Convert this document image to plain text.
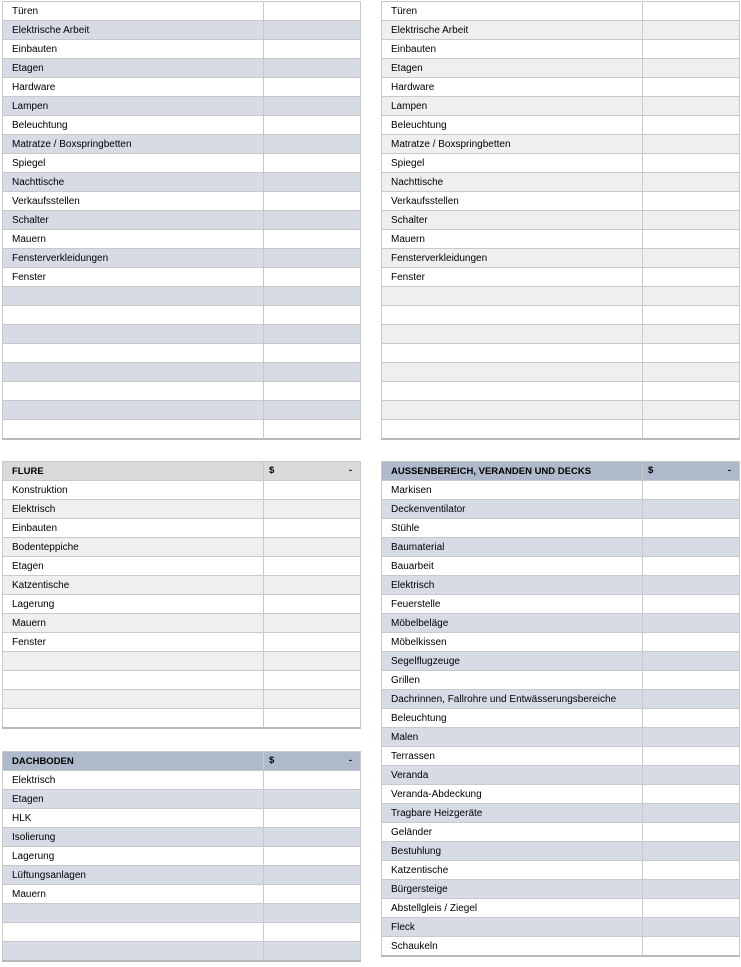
Türen	
Elektrische Arbeit	
Einbauten	
Etagen	
Hardware	
Lampen	
Beleuchtung	
Matratze / Boxspringbetten	
Spiegel	
Nachttische	
Verkaufsstellen	
Schalter	
Mauern	
Fensterverkleidungen	
Fenster	

Türen	
Elektrische Arbeit	
Einbauten	
Etagen	
Hardware	
Lampen	
Beleuchtung	
Matratze / Boxspringbetten	
Spiegel	
Nachttische	
Verkaufsstellen	
Schalter	
Mauern	
Fensterverkleidungen	
Fenster	

FLURE	$ -

Konstruktion	
Elektrisch	
Einbauten	
Bodenteppiche	
Etagen	
Katzentische	
Lagerung	
Mauern	
Fenster	

DACHBODEN	$ -

Elektrisch	
Etagen	
HLK	
Isolierung	
Lagerung	
Lüftungsanlagen	
Mauern	

AUSSENBEREICH, VERANDEN UND DECKS	$ -

Markisen	
Deckenventilator	
Stühle	
Baumaterial	
Bauarbeit	
Elektrisch	
Feuerstelle	
Möbelbeläge	
Möbelkissen	
Segelflugzeuge	
Grillen	
Dachrinnen, Fallrohre und Entwässerungsbereiche	
Beleuchtung	
Malen	
Terrassen	
Veranda	
Veranda-Abdeckung	
Tragbare Heizgeräte	
Geländer	
Bestuhlung	
Katzentische	
Bürgersteige	
Abstellgleis / Ziegel	
Fleck	
Schaukeln	
